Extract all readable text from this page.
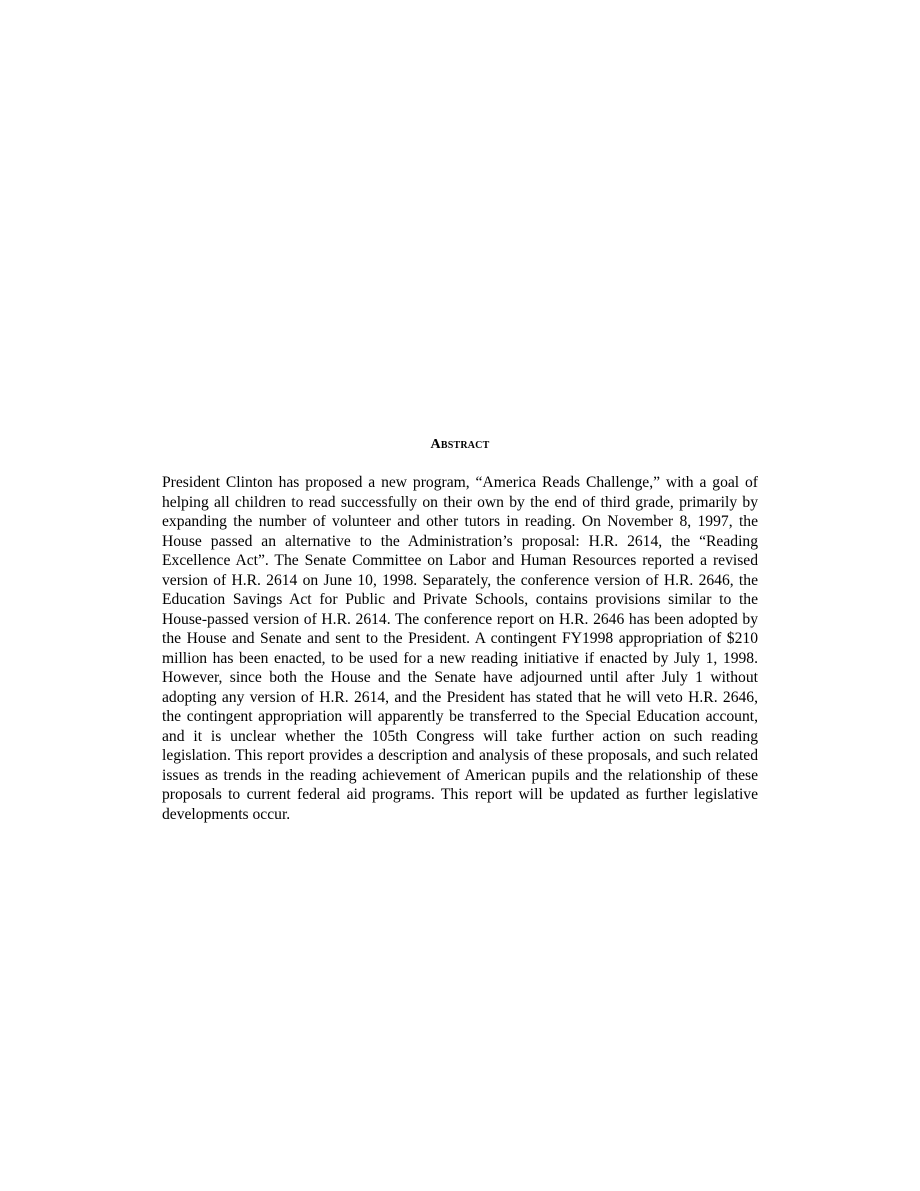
Abstract

President Clinton has proposed a new program, “America Reads Challenge,” with a goal of helping all children to read successfully on their own by the end of third grade, primarily by expanding the number of volunteer and other tutors in reading. On November 8, 1997, the House passed an alternative to the Administration’s proposal: H.R. 2614, the “Reading Excellence Act”. The Senate Committee on Labor and Human Resources reported a revised version of H.R. 2614 on June 10, 1998. Separately, the conference version of H.R. 2646, the Education Savings Act for Public and Private Schools, contains provisions similar to the House-passed version of H.R. 2614. The conference report on H.R. 2646 has been adopted by the House and Senate and sent to the President. A contingent FY1998 appropriation of $210 million has been enacted, to be used for a new reading initiative if enacted by July 1, 1998. However, since both the House and the Senate have adjourned until after July 1 without adopting any version of H.R. 2614, and the President has stated that he will veto H.R. 2646, the contingent appropriation will apparently be transferred to the Special Education account, and it is unclear whether the 105th Congress will take further action on such reading legislation. This report provides a description and analysis of these proposals, and such related issues as trends in the reading achievement of American pupils and the relationship of these proposals to current federal aid programs. This report will be updated as further legislative developments occur.
